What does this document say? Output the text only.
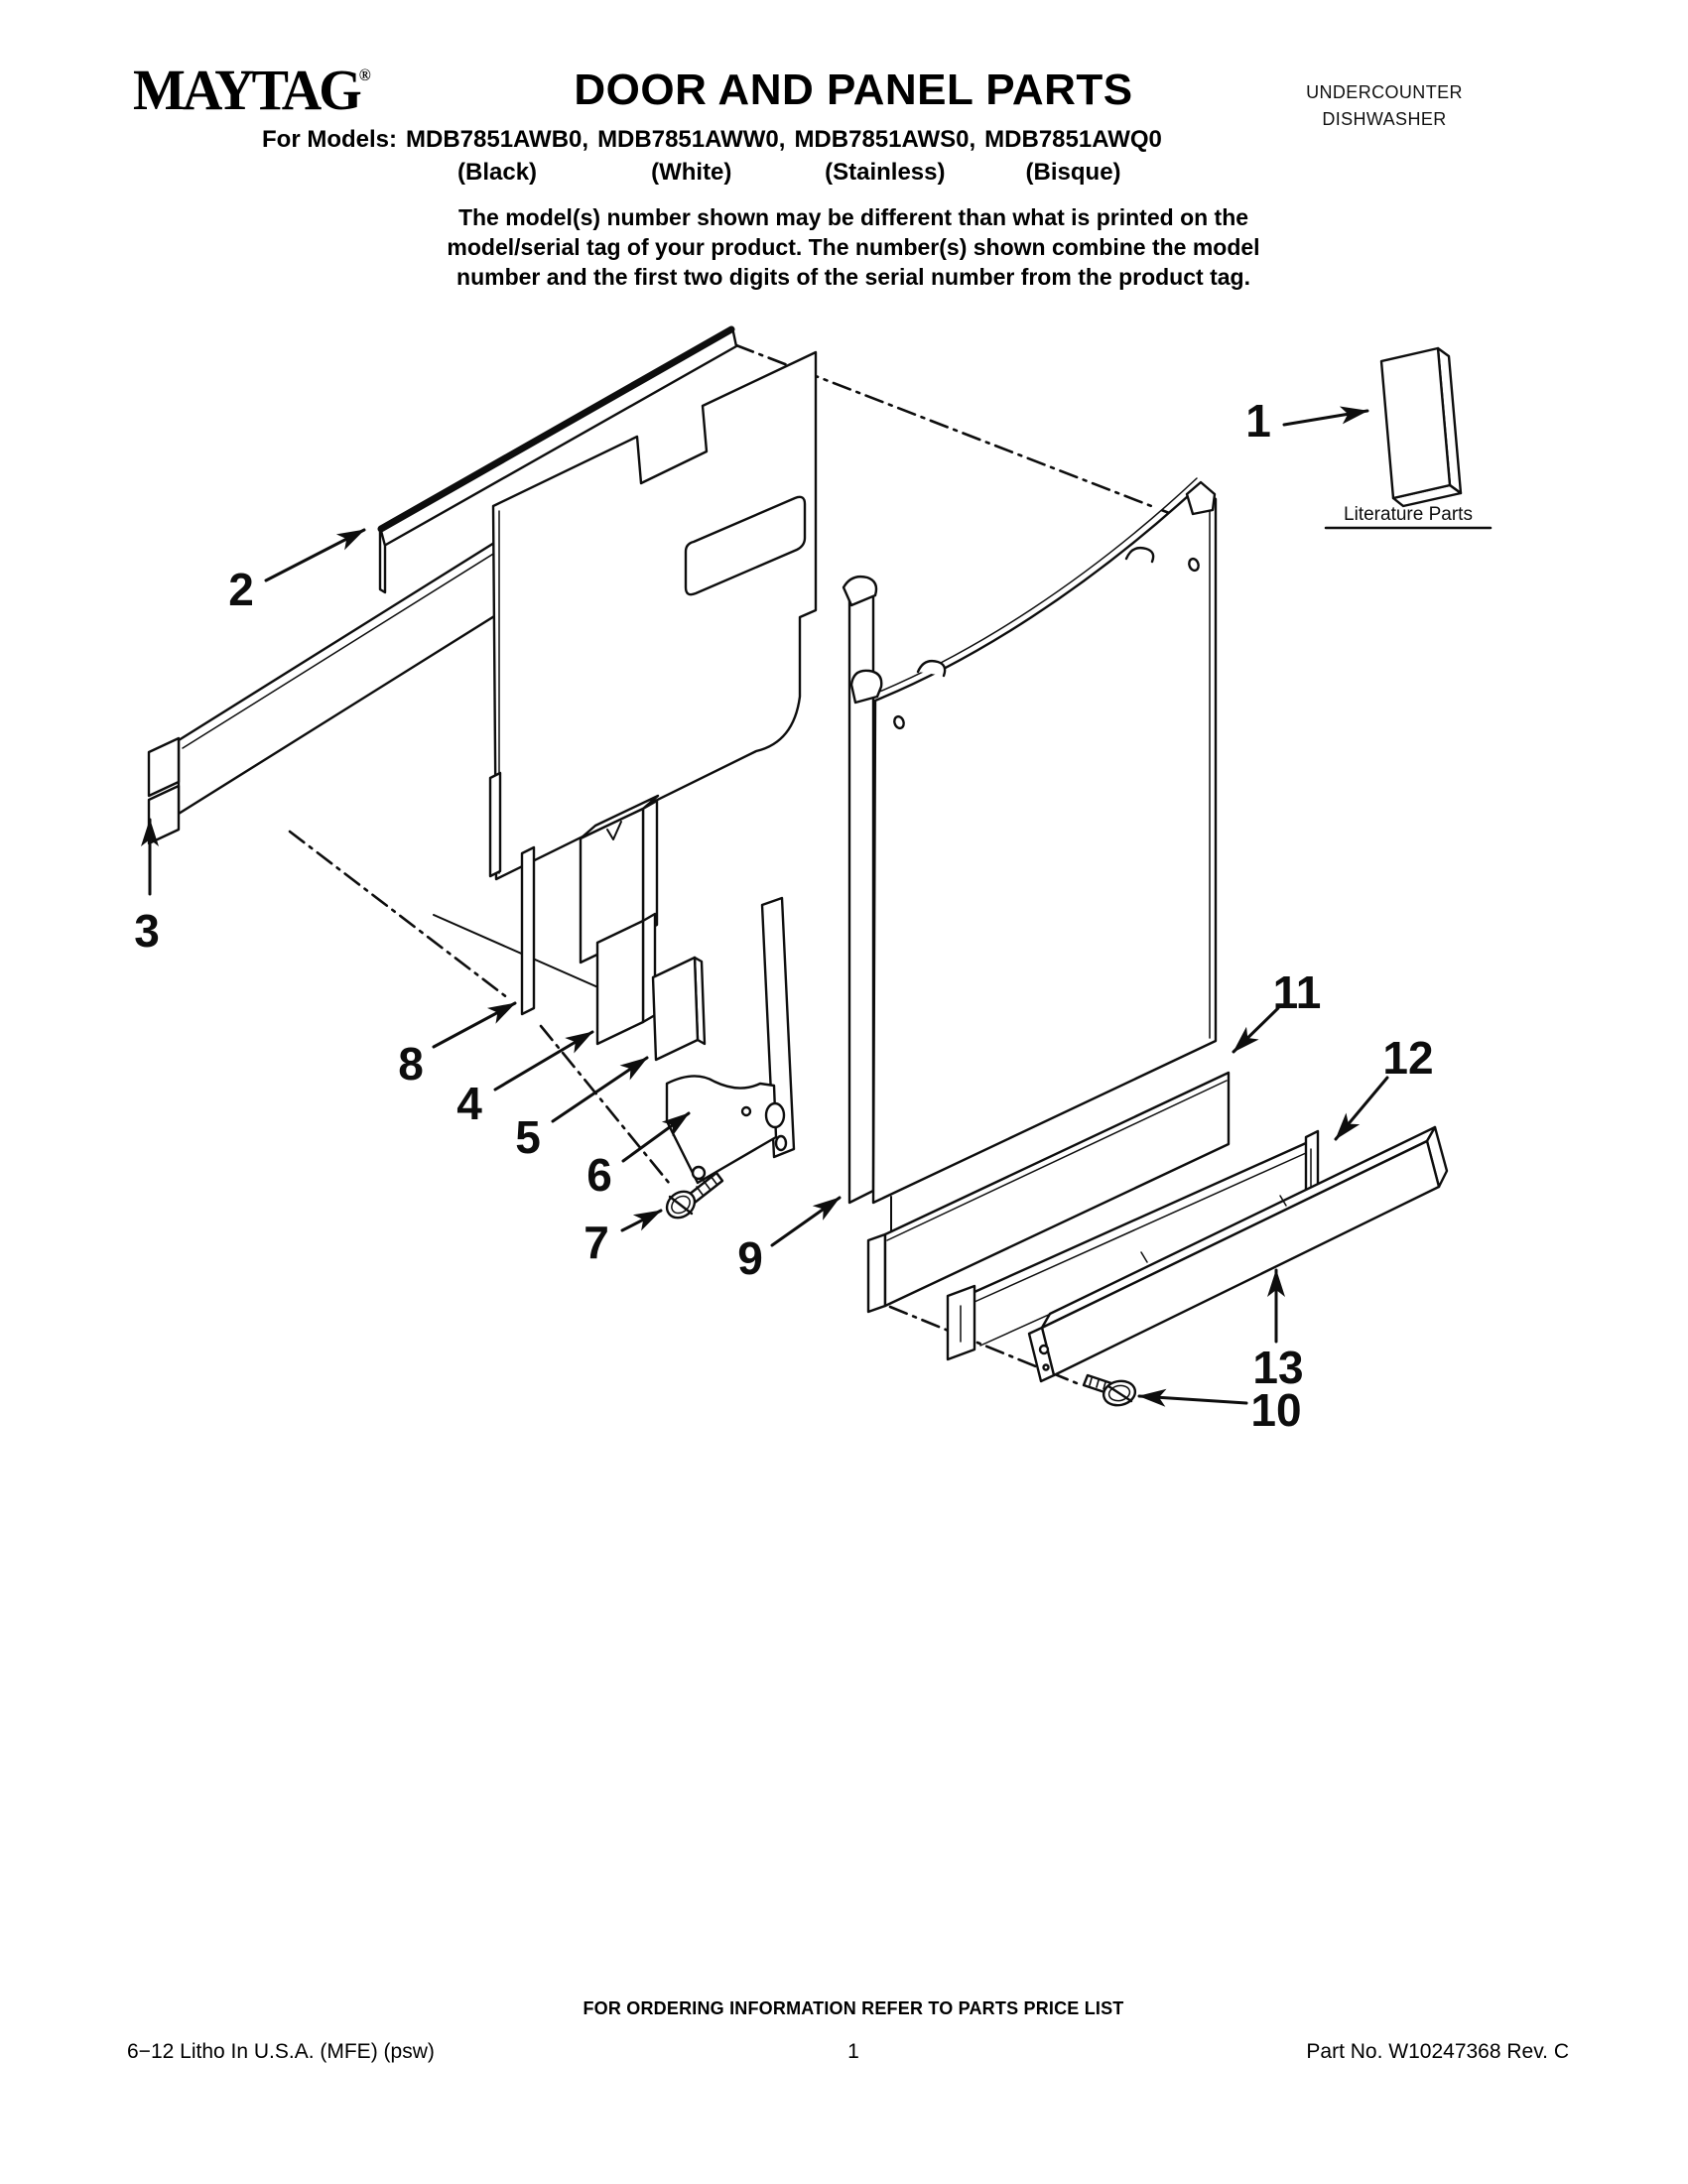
MAYTAG®	DOOR AND PANEL PARTS	UNDERCOUNTER
DISHWASHER
For Models:	MDB7851AWB0,	MDB7851AWW0,	MDB7851AWS0,	MDB7851AWQ0
	(Black)	(White)	(Stainless)	(Bisque)
The model(s) number shown may be different than what is printed on the
model/serial tag of your product. The number(s) shown combine the model
number and the first two digits of the serial number from the product tag.
Literature Parts
1
2
3
4
5
6
7
8
9
10
11
12
13
FOR ORDERING INFORMATION REFER TO PARTS PRICE LIST
6−12 Litho In U.S.A. (MFE) (psw)	1	Part No. W10247368 Rev. C
